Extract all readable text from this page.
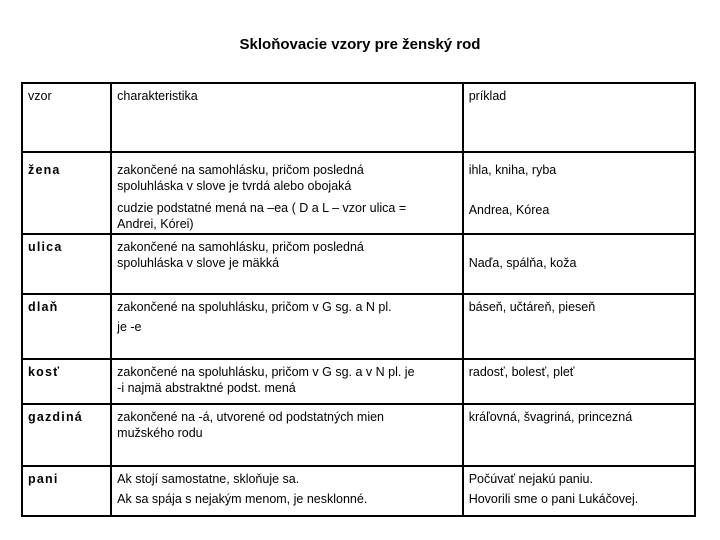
Skloňovacie vzory pre ženský rod
vzor	charakteristika	príklad
žena	zakončené na samohlásku, pričom posledná
spoluhláska v slove je tvrdá alebo obojaká
cudzie podstatné mená na –ea ( D a L – vzor ulica =
Andrei, Kórei)	ihla, kniha, ryba
Andrea, Kórea

ulica	zakončené na samohlásku, pričom posledná
spoluhláska v slove je mäkká	Naďa, spálňa, koža

dlaň	zakončené na spoluhlásku, pričom v G sg. a N pl.
je -e	báseň, učtáreň, pieseň

kosť	zakončené na spoluhlásku, pričom v G sg. a v N pl. je
-i najmä abstraktné podst. mená	radosť, bolesť, pleť

gazdiná	zakončené na -á, utvorené od podstatných mien
mužského rodu	kráľovná, švagriná, princezná

pani	Ak stojí samostatne, skloňuje sa.
Ak sa spája s nejakým menom, je nesklonné.	Počúvať nejakú paniu.
Hovorili sme o pani Lukáčovej.
